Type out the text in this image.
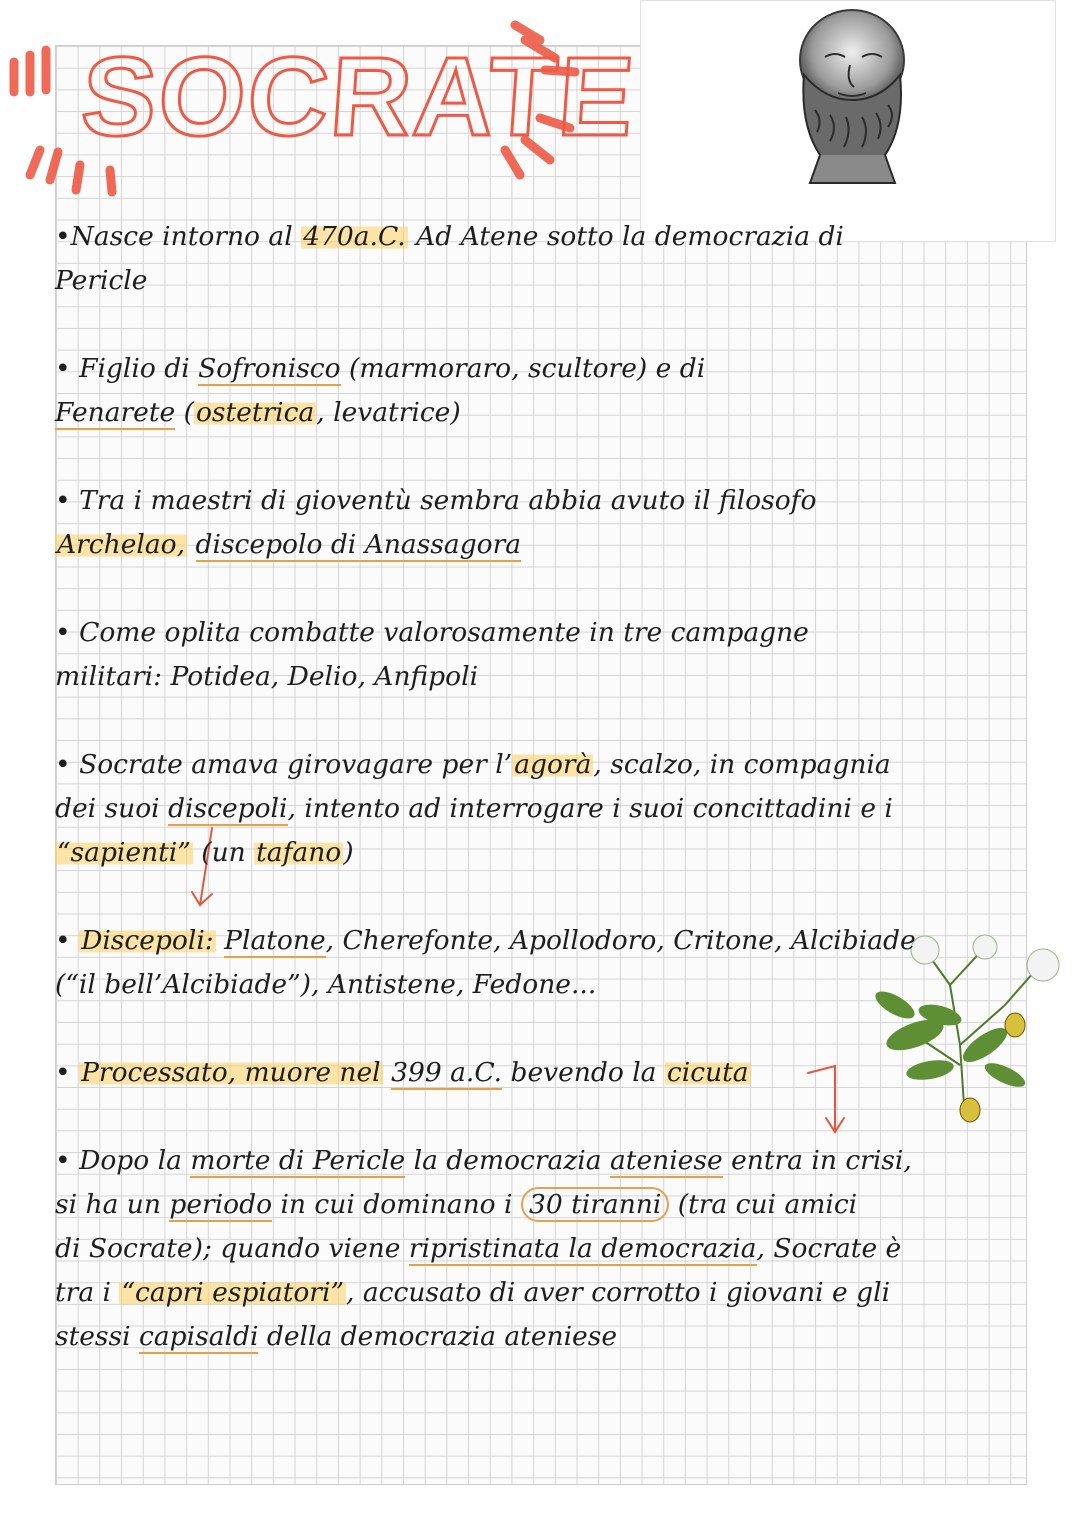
SOCRATE
•Nasce intorno al 470a.C. Ad Atene sotto la democrazia di
Pericle
• Figlio di Sofronisco (marmoraro, scultore) e di
Fenarete (ostetrica, levatrice)
• Tra i maestri di gioventù sembra abbia avuto il filosofo
Archelao, discepolo di Anassagora
• Come oplita combatte valorosamente in tre campagne
militari: Potidea, Delio, Anfipoli
• Socrate amava girovagare per l’agorà, scalzo, in compagnia
dei suoi discepoli, intento ad interrogare i suoi concittadini e i
“sapienti” (un tafano)
• Discepoli: Platone, Cherefonte, Apollodoro, Critone, Alcibiade
(“il bell’Alcibiade”), Antistene, Fedone...
• Processato, muore nel 399 a.C. bevendo la cicuta
• Dopo la morte di Pericle la democrazia ateniese entra in crisi,
si ha un periodo in cui dominano i 30 tiranni (tra cui amici
di Socrate); quando viene ripristinata la democrazia, Socrate è
tra i “capri espiatori”, accusato di aver corrotto i giovani e gli
stessi capisaldi della democrazia ateniese
